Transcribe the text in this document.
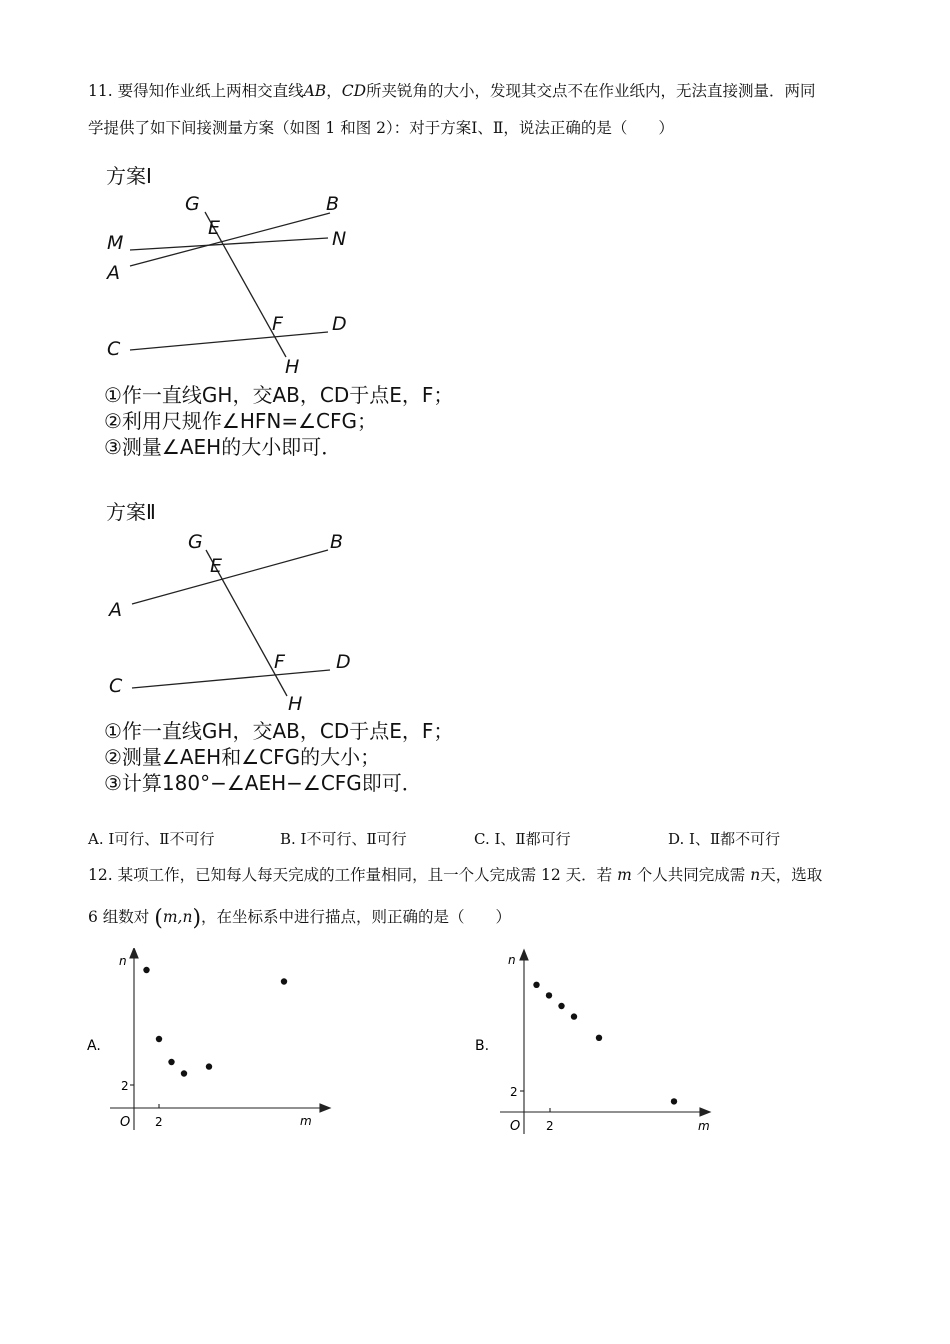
11. 要得知作业纸上两相交直线AB，CD所夹锐角的大小，发现其交点不在作业纸内，无法直接测量．两同
学提供了如下间接测量方案（如图 1 和图 2）：对于方案Ⅰ、Ⅱ，说法正确的是（　　）
方案Ⅰ
G
E
B
M	N
A
F	D
C
H
①作一直线GH，交AB，CD于点E，F；
②利用尺规作∠HFN=∠CFG；
③测量∠AEH的大小即可．
方案Ⅱ
G
E
B
A
F	D
C
H
①作一直线GH，交AB，CD于点E，F；
②测量∠AEH和∠CFG的大小；
③计算180°−∠AEH−∠CFG即可．
A. Ⅰ可行、Ⅱ不可行	B. Ⅰ不可行、Ⅱ可行	C. Ⅰ、Ⅱ都可行	D. Ⅰ、Ⅱ都不可行
12. 某项工作，已知每人每天完成的工作量相同，且一个人完成需 12 天．若 m 个人共同完成需 n天，选取
6 组数对 (m,n)，在坐标系中进行描点，则正确的是（　　）
A.
n
m
O 2
2
B.
n
m
O 2
2
